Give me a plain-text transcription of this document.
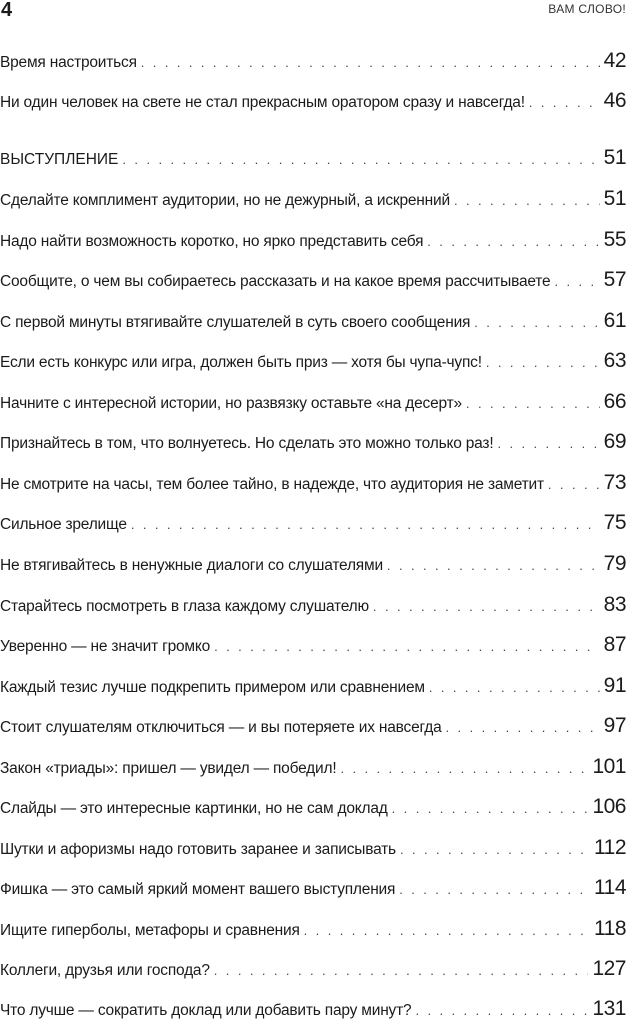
4	ВАМ СЛОВО!
Время настроиться . . .	42
Ни один человек на свете не стал прекрасным оратором сразу и навсегда! . . .	46
ВЫСТУПЛЕНИЕ . . .	51
Сделайте комплимент аудитории, но не дежурный, а искренний . . .	51
Надо найти возможность коротко, но ярко представить себя . . .	55
Сообщите, о чем вы собираетесь рассказать и на какое время рассчитываете . . .	57
С первой минуты втягивайте слушателей в суть своего сообщения . . .	61
Если есть конкурс или игра, должен быть приз — хотя бы чупа-чупс! . . .	63
Начните с интересной истории, но развязку оставьте «на десерт» . . .	66
Признайтесь в том, что волнуетесь. Но сделать это можно только раз! . . .	69
Не смотрите на часы, тем более тайно, в надежде, что аудитория не заметит . . .	73
Сильное зрелище . . .	75
Не втягивайтесь в ненужные диалоги со слушателями . . .	79
Старайтесь посмотреть в глаза каждому слушателю . . .	83
Уверенно — не значит громко . . .	87
Каждый тезис лучше подкрепить примером или сравнением . . .	91
Стоит слушателям отключиться — и вы потеряете их навсегда . . .	97
Закон «триады»: пришел — увидел — победил! . . .	101
Слайды — это интересные картинки, но не сам доклад . . .	106
Шутки и афоризмы надо готовить заранее и записывать . . .	112
Фишка — это самый яркий момент вашего выступления . . .	114
Ищите гиперболы, метафоры и сравнения . . .	118
Коллеги, друзья или господа? . . .	127
Что лучше — сократить доклад или добавить пару минут? . . .	131
